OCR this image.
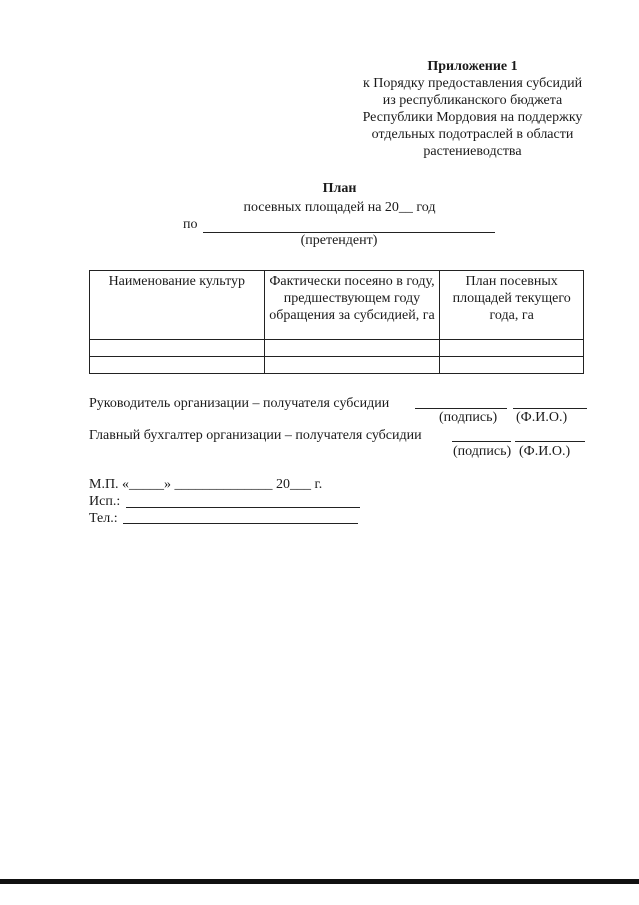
Приложение 1
к Порядку предоставления субсидий
из республиканского бюджета
Республики Мордовия на поддержку
отдельных подотраслей в области
растениеводства
План
посевных площадей на 20__ год
по
(претендент)
Наименование культур	Фактически посеяно в году, предшествующем году обращения за субсидией, га	План посевных площадей текущего года, га

Руководитель организации – получателя субсидии
(подпись) (Ф.И.О.)
Главный бухгалтер организации – получателя субсидии
(подпись) (Ф.И.О.)
М.П. «_____» ______________ 20___ г.
Исп.:
Тел.:
